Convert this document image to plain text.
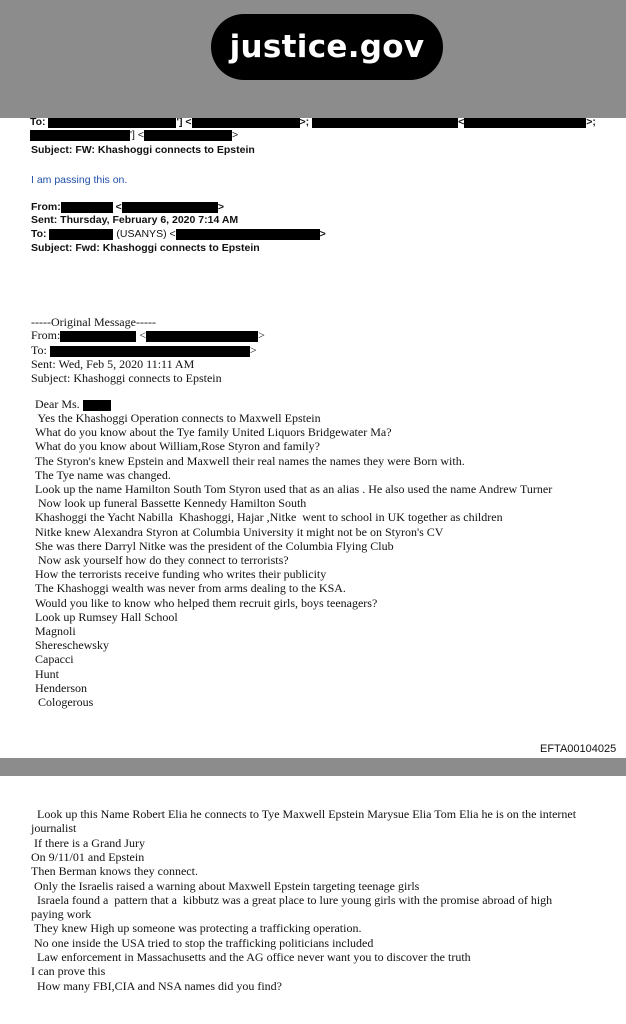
justice.gov
To:	'] <	>;	<	>;
'] <	>
Subject: FW: Khashoggi connects to Epstein
I am passing this on.
From:	<	>
Sent: Thursday, February 6, 2020 7:14 AM
To:	(USANYS) <	>
Subject: Fwd: Khashoggi connects to Epstein
-----Original Message-----
From:	<	>
To:	>
Sent: Wed, Feb 5, 2020 11:11 AM
Subject: Khashoggi connects to Epstein
Dear Ms.
Yes the Khashoggi Operation connects to Maxwell Epstein
What do you know about the Tye family United Liquors Bridgewater Ma?
What do you know about William,Rose Styron and family?
The Styron's knew Epstein and Maxwell their real names the names they were Born with.
The Tye name was changed.
Look up the name Hamilton South Tom Styron used that as an alias . He also used the name Andrew Turner
Now look up funeral Bassette Kennedy Hamilton South
Khashoggi the Yacht Nabilla  Khashoggi, Hajar ,Nitke  went to school in UK together as children
Nitke knew Alexandra Styron at Columbia University it might not be on Styron's CV
She was there Darryl Nitke was the president of the Columbia Flying Club
Now ask yourself how do they connect to terrorists?
How the terrorists receive funding who writes their publicity
The Khashoggi wealth was never from arms dealing to the KSA.
Would you like to know who helped them recruit girls, boys teenagers?
Look up Rumsey Hall School
Magnoli
Shereschewsky
Capacci
Hunt
Henderson
Cologerous
EFTA00104025
Look up this Name Robert Elia he connects to Tye Maxwell Epstein Marysue Elia Tom Elia he is on the internet
journalist
If there is a Grand Jury
On 9/11/01 and Epstein
Then Berman knows they connect.
Only the Israelis raised a warning about Maxwell Epstein targeting teenage girls
Israela found a  pattern that a  kibbutz was a great place to lure young girls with the promise abroad of high
paying work
They knew High up someone was protecting a trafficking operation.
No one inside the USA tried to stop the trafficking politicians included
Law enforcement in Massachusetts and the AG office never want you to discover the truth
I can prove this
How many FBI,CIA and NSA names did you find?
